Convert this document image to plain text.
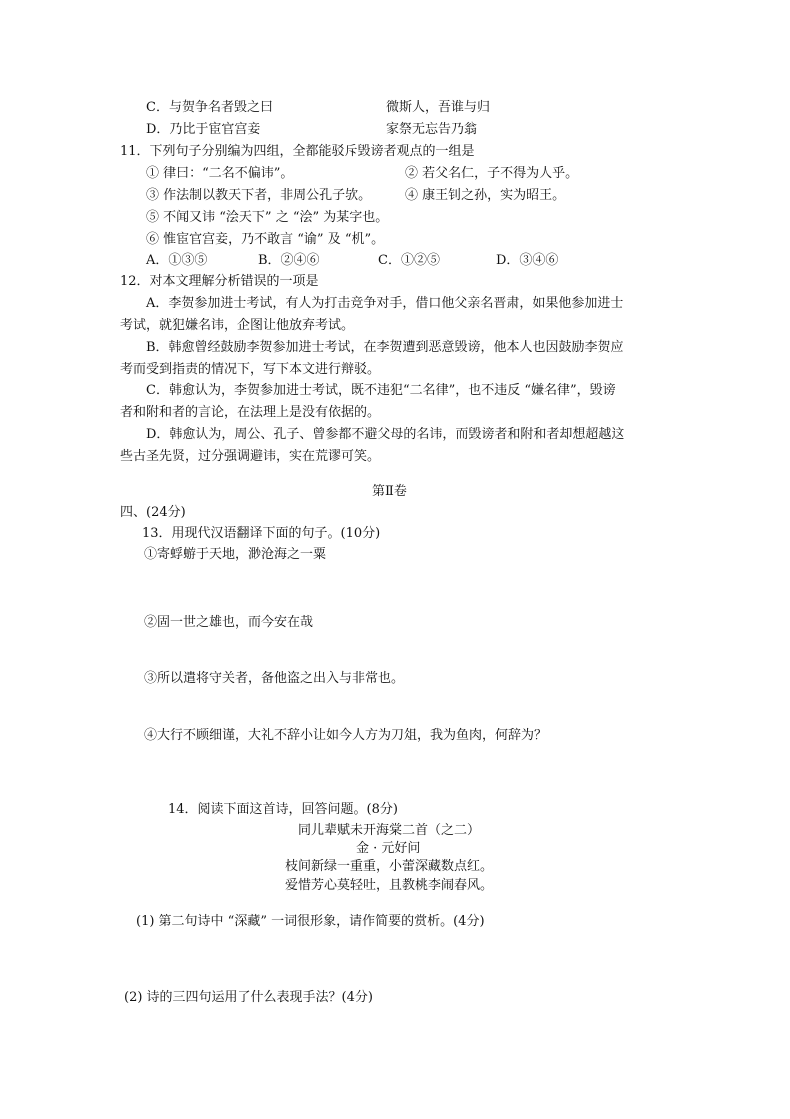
C．与贺争名者毁之曰	微斯人，吾谁与归
D．乃比于宦官宫妾	家祭无忘告乃翁
11．下列句子分别编为四组，全都能驳斥毁谤者观点的一组是
① 律曰：“二名不偏讳”。	② 若父名仁，子不得为人乎。
③ 作法制以教天下者，非周公孔子欤。	④ 康王钊之孙，实为昭王。
⑤ 不闻又讳 “浍天下” 之 “浍” 为某字也。
⑥ 惟宦官宫妾，乃不敢言 “谕” 及 “机”。
A．①③⑤	B．②④⑥	C．①②⑤	D．③④⑥
12．对本文理解分析错误的一项是
A．李贺参加进士考试，有人为打击竞争对手，借口他父亲名晋肃，如果他参加进士
考试，就犯嫌名讳，企图让他放弃考试。
B．韩愈曾经鼓励李贺参加进士考试，在李贺遭到恶意毁谤，他本人也因鼓励李贺应
考而受到指责的情况下，写下本文进行辩驳。
C．韩愈认为，李贺参加进士考试，既不违犯“二名律”，也不违反 “嫌名律”，毁谤
者和附和者的言论，在法理上是没有依据的。
D．韩愈认为，周公、孔子、曾参都不避父母的名讳，而毁谤者和附和者却想超越这
些古圣先贤，过分强调避讳，实在荒谬可笑。
第Ⅱ卷
四、(24分)
13．用现代汉语翻译下面的句子。(10分)
①寄蜉蝣于天地，渺沧海之一粟
②固一世之雄也，而今安在哉
③所以遣将守关者，备他盗之出入与非常也。
④大行不顾细谨，大礼不辞小让如今人方为刀俎，我为鱼肉，何辞为？
14．阅读下面这首诗，回答问题。(8分)
同儿辈赋未开海棠二首（之二）
金 · 元好问
枝间新绿一重重，小蕾深藏数点红。
爱惜芳心莫轻吐，且教桃李闹春风。
(1) 第二句诗中 “深藏” 一词很形象，请作简要的赏析。(4分)
(2) 诗的三四句运用了什么表现手法？(4分)
